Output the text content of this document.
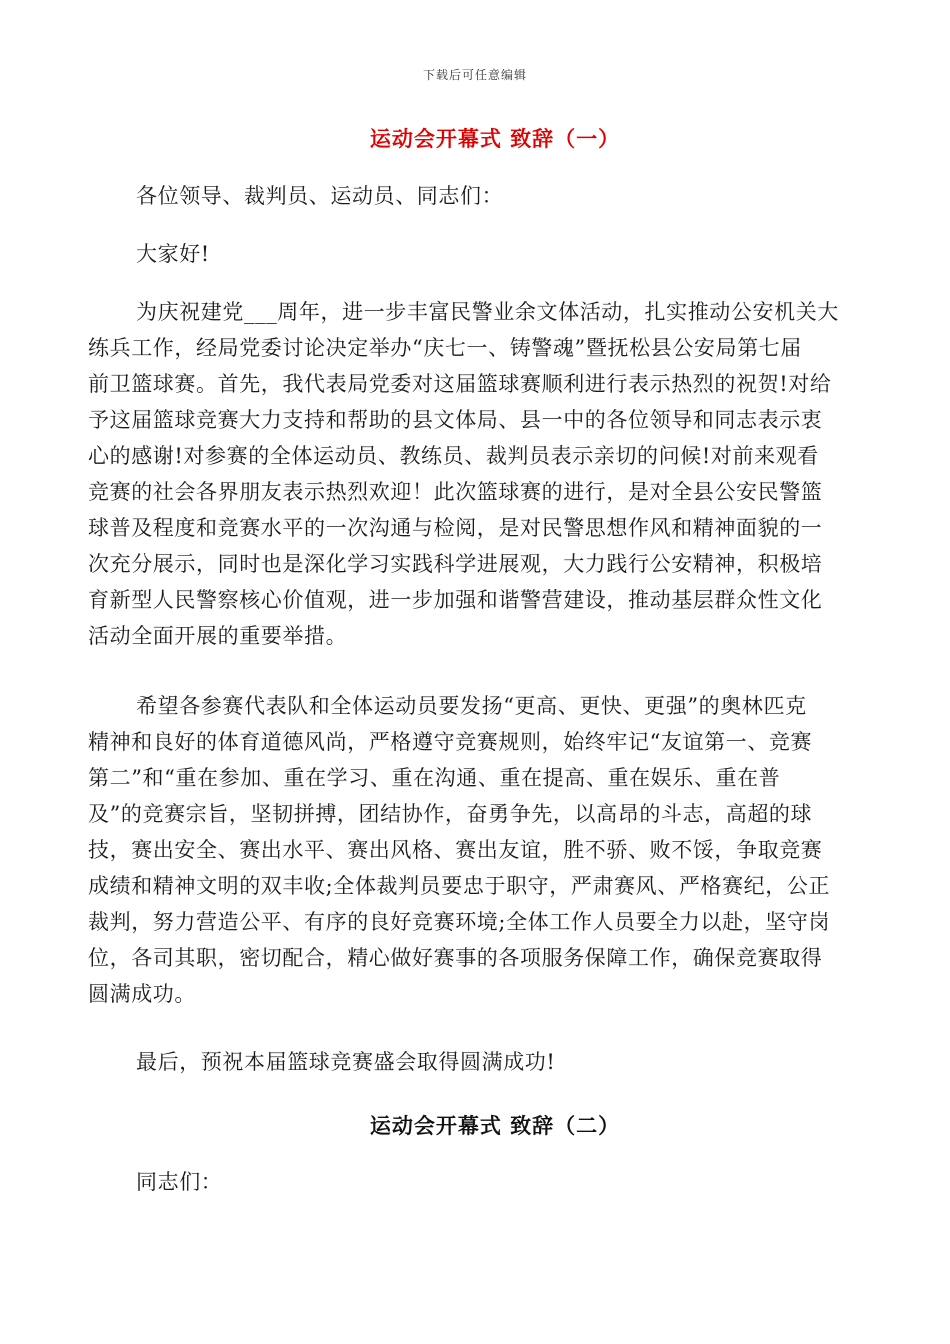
下载后可任意编辑
运动会开幕式 致辞（一）
各位领导、裁判员、运动员、同志们：
大家好!
为庆祝建党___周年，进一步丰富民警业余文体活动，扎实推动公安机关大
练兵工作，经局党委讨论决定举办“庆七一、铸警魂”暨抚松县公安局第七届
前卫篮球赛。首先，我代表局党委对这届篮球赛顺利进行表示热烈的祝贺!对给
予这届篮球竞赛大力支持和帮助的县文体局、县一中的各位领导和同志表示衷
心的感谢!对参赛的全体运动员、教练员、裁判员表示亲切的问候!对前来观看
竞赛的社会各界朋友表示热烈欢迎！此次篮球赛的进行，是对全县公安民警篮
球普及程度和竞赛水平的一次沟通与检阅，是对民警思想作风和精神面貌的一
次充分展示，同时也是深化学习实践科学进展观，大力践行公安精神，积极培
育新型人民警察核心价值观，进一步加强和谐警营建设，推动基层群众性文化
活动全面开展的重要举措。
希望各参赛代表队和全体运动员要发扬“更高、更快、更强”的奥林匹克
精神和良好的体育道德风尚，严格遵守竞赛规则，始终牢记“友谊第一、竞赛
第二”和“重在参加、重在学习、重在沟通、重在提高、重在娱乐、重在普
及”的竞赛宗旨，坚韧拼搏，团结协作，奋勇争先，以高昂的斗志，高超的球
技，赛出安全、赛出水平、赛出风格、赛出友谊，胜不骄、败不馁，争取竞赛
成绩和精神文明的双丰收;全体裁判员要忠于职守，严肃赛风、严格赛纪，公正
裁判，努力营造公平、有序的良好竞赛环境;全体工作人员要全力以赴，坚守岗
位，各司其职，密切配合，精心做好赛事的各项服务保障工作，确保竞赛取得
圆满成功。
最后，预祝本届篮球竞赛盛会取得圆满成功!
运动会开幕式 致辞（二）
同志们：
